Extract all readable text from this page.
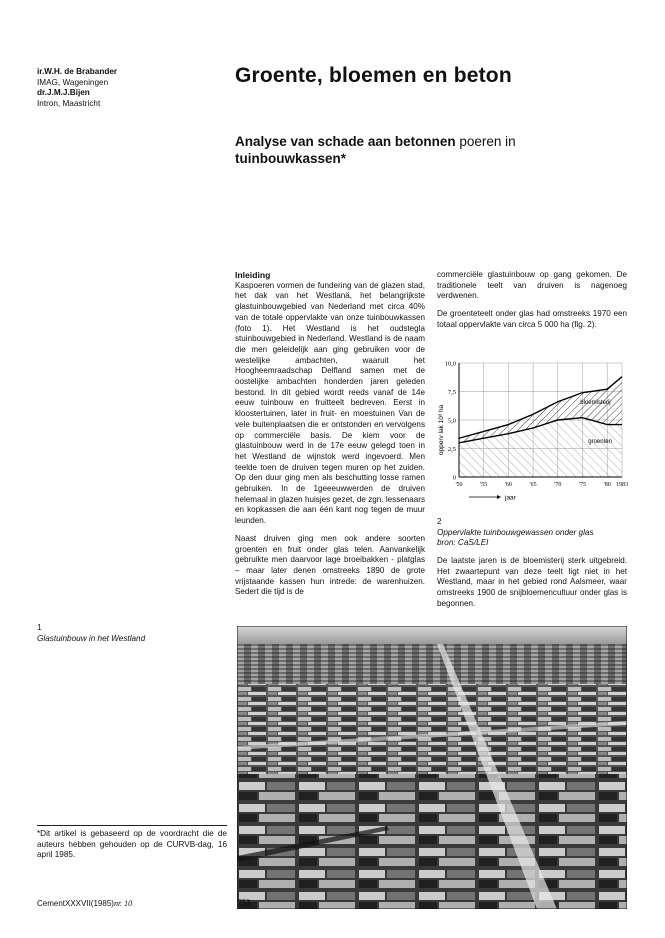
ir.W.H. de Brabander
IMAG, Wageningen
dr.J.M.J.Bijen
Intron, Maastricht
Groente, bloemen en beton
Analyse van schade aan betonnen poeren in
tuinbouwkassen*
Inleiding

Kaspoeren vormen de fundering van de glazen stad, het dak van het Westlanä, het belangrijkste glastuinbouwgebied van Nederland met circa 40% van de totale oppervlakte van onze tuinbouwkassen (foto 1). Het Westland is het oudstegla stuinbouwgebied in Nederland. Westland is de naam die men geleidelijk aan ging gebruiken voor de westelijke ambachten, waaruit het Hoogheemraadschap Delfland samen met de oostelijke ambachten honderden jaren geleden bestond. In dit gebied wordt reeds vanaf de 14e eeuw tuinbouw en fruitteelt bedreven. Eerst in kloostertuinen, later in fruit- en moestuinen Van de vele buitenplaatsen die er ontstonden en vervolgens op commerciële basis. De kiem voor de glastuinbouw werd in de 17e eeuw gelegd toen in het Westland de wijnstok werd ingevoerd. Men teelde toen de druiven tegen muren op het zuiden. Op den duur ging men als beschutting losse ramen gebruiken. In de 1geeeuwwerden de druiven helemaal in glazen huisjes gezet, de zgn. lessenaars en kopkassen die aan één kant nog tegen de muur leunden.

Naast druiven ging men ook andere soorten groenten en fruit onder glas telen. Aanvankelijk gebruikte men daarvoor lage broeibakken - platglas – maar later denen omstreeks 1890 de grote vrijstaande kassen hun intrede: de warenhuizen. Sedert die tijd is de

commerciële glastuinbouw op gang gekomen. De traditionele teelt van druiven is nagenoeg verdwenen.

De groenteteelt onder glas had omstreeks 1970 een totaal oppervlakte van circa 5 000 ha (fig. 2).

0
2,5
5,0
7,5
10,0
'50	'55	'60	'65	'70	'75	'80 1983
opperv lak 10³ ha
jaar
bloemisterij
groenten
2
Oppervlakte tuinbouwgewassen onder glas
bron: CaS/LEI

De laatste jaren is de bloemisterij sterk uitgebreid. Het zwaartepunt van deze teelt ligt niet in het Westland, maar in het gebied rond Aalsmeer, waar omstreeks 1900 de snijbloemencultuur onder glas is begonnen.

1
Glastuinbouw in het Westland
*Dit artikel is gebaseerd op de voordracht die de auteurs hebben gehouden op de CURVB-dag, 16 april 1985.
CementXXXVII(1985)nr. 10	753
